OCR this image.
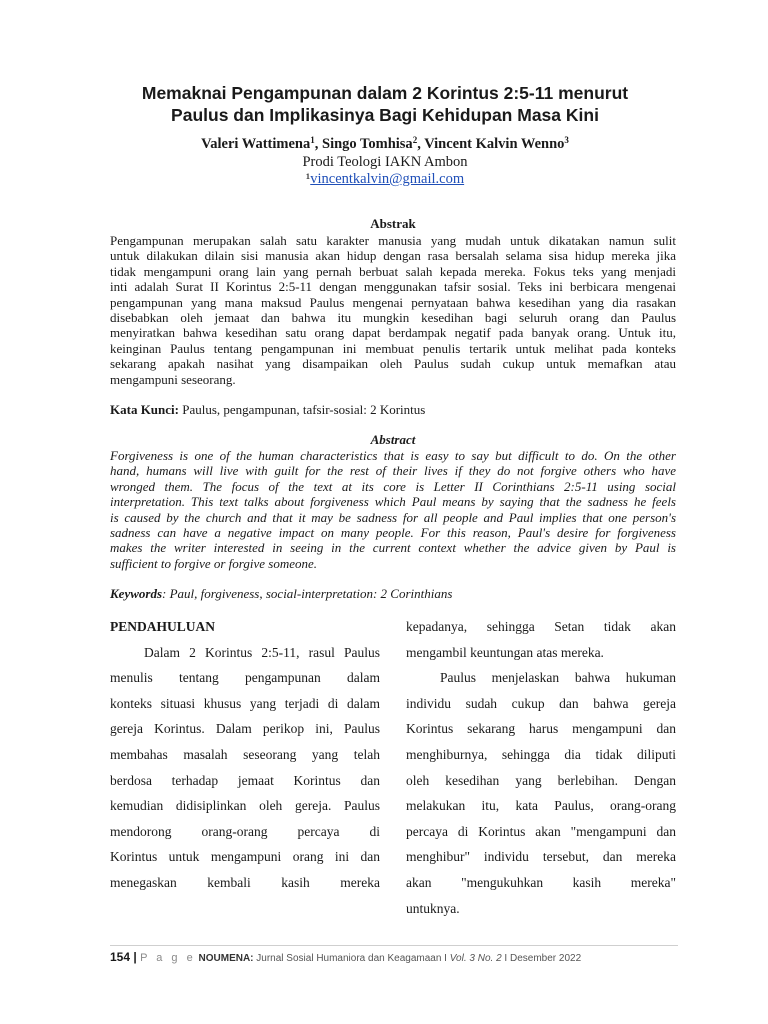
Memaknai Pengampunan dalam 2 Korintus 2:5-11 menurut
Paulus dan Implikasinya Bagi Kehidupan Masa Kini
Valeri Wattimena$^1$, Singo Tomhisa$^2$, Vincent Kalvin Wenno$^3$
Prodi Teologi IAKN Ambon
¹vincentkalvin@gmail.com
Abstrak
Pengampunan merupakan salah satu karakter manusia yang mudah untuk dikatakan namun sulit
untuk dilakukan dilain sisi manusia akan hidup dengan rasa bersalah selama sisa hidup mereka jika
tidak mengampuni orang lain yang pernah berbuat salah kepada mereka. Fokus teks yang menjadi
inti adalah Surat II Korintus 2:5-11 dengan menggunakan tafsir sosial. Teks ini berbicara mengenai
pengampunan yang mana maksud Paulus mengenai pernyataan bahwa kesedihan yang dia rasakan
disebabkan oleh jemaat dan bahwa itu mungkin kesedihan bagi seluruh orang dan Paulus
menyiratkan bahwa kesedihan satu orang dapat berdampak negatif pada banyak orang. Untuk itu,
keinginan Paulus tentang pengampunan ini membuat penulis tertarik untuk melihat pada konteks
sekarang apakah nasihat yang disampaikan oleh Paulus sudah cukup untuk memafkan atau
mengampuni seseorang.
Kata Kunci: Paulus, pengampunan, tafsir-sosial: 2 Korintus
Abstract
Forgiveness is one of the human characteristics that is easy to say but difficult to do. On the other
hand, humans will live with guilt for the rest of their lives if they do not forgive others who have
wronged them. The focus of the text at its core is Letter II Corinthians 2:5-11 using social
interpretation. This text talks about forgiveness which Paul means by saying that the sadness he feels
is caused by the church and that it may be sadness for all people and Paul implies that one person's
sadness can have a negative impact on many people. For this reason, Paul's desire for forgiveness
makes the writer interested in seeing in the current context whether the advice given by Paul is
sufficient to forgive or forgive someone.
Keywords: Paul, forgiveness, social-interpretation: 2 Corinthians
PENDAHULUAN
Dalam 2 Korintus 2:5-11, rasul Paulus
menulis tentang pengampunan dalam
konteks situasi khusus yang terjadi di dalam
gereja Korintus. Dalam perikop ini, Paulus
membahas masalah seseorang yang telah
berdosa terhadap jemaat Korintus dan
kemudian didisiplinkan oleh gereja. Paulus
mendorong orang-orang percaya di
Korintus untuk mengampuni orang ini dan
menegaskan kembali kasih mereka
kepadanya, sehingga Setan tidak akan
mengambil keuntungan atas mereka.
Paulus menjelaskan bahwa hukuman
individu sudah cukup dan bahwa gereja
Korintus sekarang harus mengampuni dan
menghiburnya, sehingga dia tidak diliputi
oleh kesedihan yang berlebihan. Dengan
melakukan itu, kata Paulus, orang-orang
percaya di Korintus akan "mengampuni dan
menghibur" individu tersebut, dan mereka
akan "mengukuhkan kasih mereka"
untuknya.
154 | P a g e NOUMENA: Jurnal Sosial Humaniora dan Keagamaan I Vol. 3 No. 2 I Desember 2022
